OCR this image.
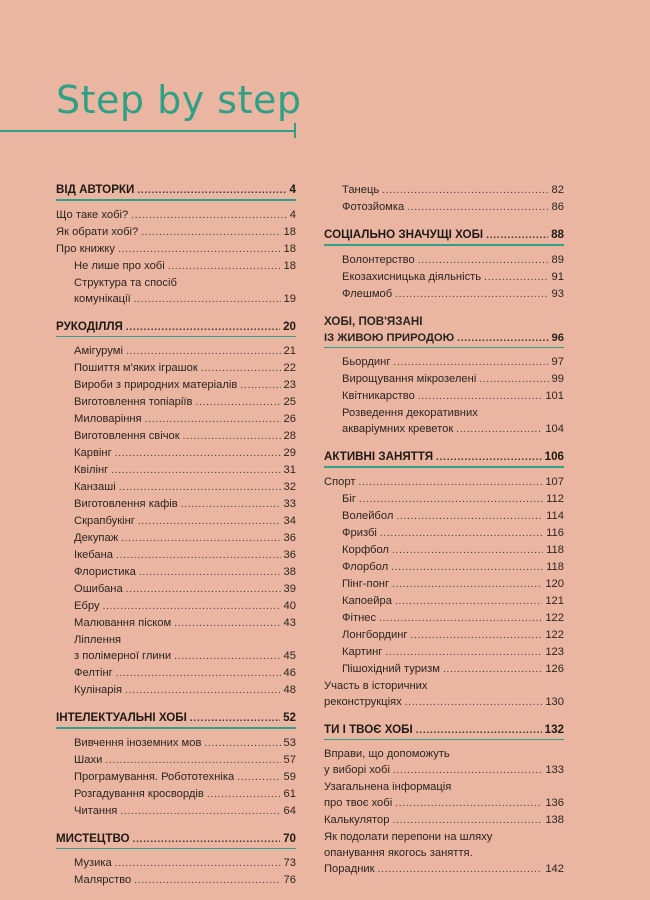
Step by step
ВІД АВТОРКИ . . .	4
Що таке хобі? . . .	4
Як обрати хобі? . . .	18
Про книжку . . .	18
Не лише про хобі . . .	18
Структура та спосіб
комунікації . . .	19
РУКОДІЛЛЯ . . .	20
Амігурумі . . .	21
Пошиття м'яких іграшок . . .	22
Вироби з природних матеріалів . . .	23
Виготовлення топіаріїв . . .	25
Миловаріння . . .	26
Виготовлення свічок . . .	28
Карвінг . . .	29
Квілінг . . .	31
Канзаші . . .	32
Виготовлення кафів . . .	33
Скрапбукінг . . .	34
Декупаж . . .	36
Ікебана . . .	36
Флористика . . .	38
Ошибана . . .	39
Ебру . . .	40
Малювання піском . . .	43
Ліплення
з полімерної глини . . .	45
Фелтінг . . .	46
Кулінарія . . .	48
ІНТЕЛЕКТУАЛЬНІ ХОБІ . . .	52
Вивчення іноземних мов . . .	53
Шахи . . .	57
Програмування. Робототехніка . . .	59
Розгадування кросвордів . . .	61
Читання . . .	64
МИСТЕЦТВО . . .	70
Музика . . .	73
Малярство . . .	76
Танець . . .	82
Фотозйомка . . .	86
СОЦІАЛЬНО ЗНАЧУЩІ ХОБІ . . .	88
Волонтерство . . .	89
Екозахисницька діяльність . . .	91
Флешмоб . . .	93
ХОБІ, ПОВ'ЯЗАНІ
ІЗ ЖИВОЮ ПРИРОДОЮ . . .	96
Бьординг . . .	97
Вирощування мікрозелені . . .	99
Квітникарство . . .	101
Розведення декоративних
акваріумних креветок . . .	104
АКТИВНІ ЗАНЯТТЯ . . .	106
Спорт . . .	107
Біг . . .	112
Волейбол . . .	114
Фризбі . . .	116
Корфбол . . .	118
Флорбол . . .	118
Пінг-понг . . .	120
Капоейра . . .	121
Фітнес . . .	122
Лонгбординг . . .	122
Картинг . . .	123
Пішохідний туризм . . .	126
Участь в історичних
реконструкціях . . .	130
ТИ І ТВОЄ ХОБІ . . .	132
Вправи, що допоможуть
у виборі хобі . . .	133
Узагальнена інформація
про твоє хобі . . .	136
Калькулятор . . .	138
Як подолати перепони на шляху
опанування якогось заняття.
Порадник . . .	142
